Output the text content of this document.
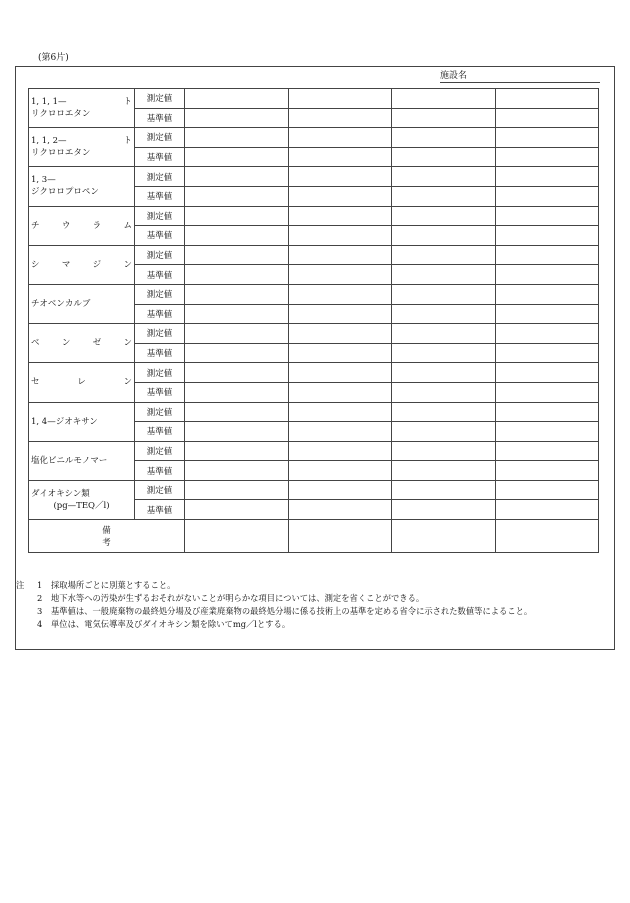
(第6片)
施設名
1, 1, 1— ト
リクロロエタン	測定値				
	基準値				

1, 1, 2— ト
リクロロエタン	測定値				
	基準値				

1, 3—
ジクロロプロペン	測定値				
	基準値				

チ ウ ラ ム	測定値				
	基準値				

シ マ ジ ン	測定値				
	基準値				

チオベンカルブ	測定値				
	基準値				

ベ ン ゼ ン	測定値				
	基準値				

セ レ ン	測定値				
	基準値				

1, 4—ジオキサン	測定値				
	基準値				

塩化ビニルモノマー	測定値				
	基準値				

ダイオキシン類
(pg—TEQ／l)	測定値				
	基準値				
備考					
注	1	採取場所ごとに別葉とすること。
2	地下水等への汚染が生ずるおそれがないことが明らかな項目については、測定を省くことができる。
3	基準値は、一般廃棄物の最終処分場及び産業廃棄物の最終処分場に係る技術上の基準を定める省令に示された数値等によること。
4	単位は、電気伝導率及びダイオキシン類を除いてmg／lとする。
